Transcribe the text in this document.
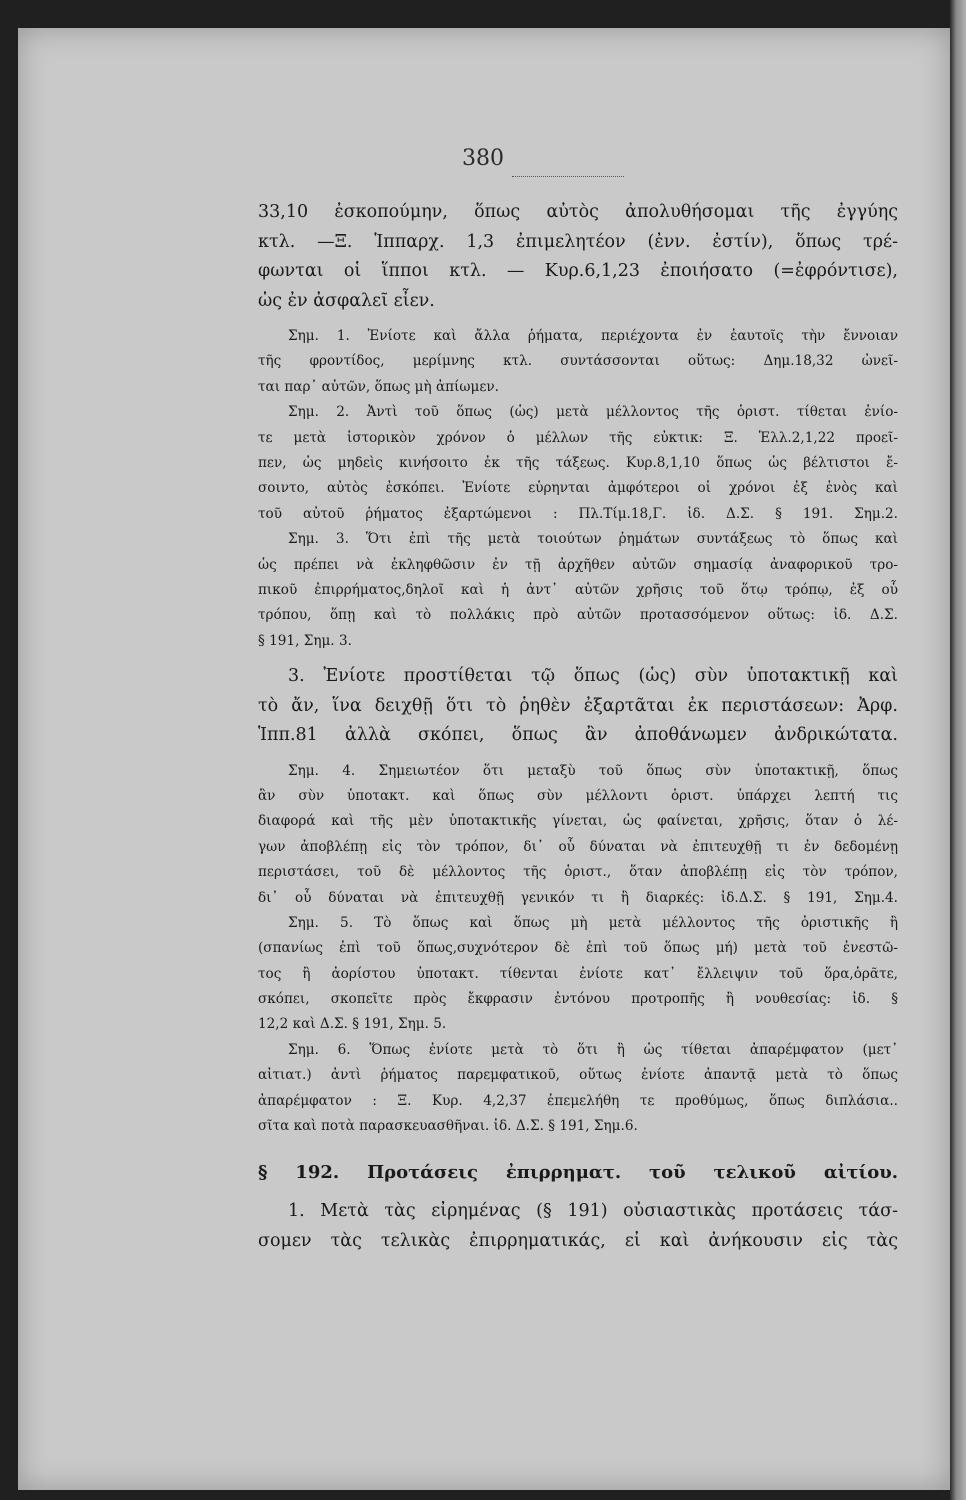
380
33,10 ἐσκοπούμην, ὅπως αὐτὸς ἀπολυθήσομαι τῆς ἐγγύης
κτλ. —Ξ. Ἱππαρχ. 1,3 ἐπιμελητέον (ἐνν. ἐστίν), ὅπως τρέ-
φωνται οἱ ἵπποι κτλ. — Κυρ.6,1,23 ἐποιήσατο (=ἐφρόντισε),
ὡς ἐν ἀσφαλεῖ εἶεν.
Σημ. 1. Ἐνίοτε καὶ ἄλλα ῥήματα, περιέχοντα ἐν ἑαυτοῖς τὴν ἔννοιαν
τῆς φροντίδος, μερίμνης κτλ. συντάσσονται οὕτως: Δημ.18,32 ὠνεῖ-
ται παρ᾽ αὐτῶν, ὅπως μὴ ἀπίωμεν.
Σημ. 2. Ἀντὶ τοῦ ὅπως (ὡς) μετὰ μέλλοντος τῆς ὁριστ. τίθεται ἐνίο-
τε μετὰ ἱστορικὸν χρόνον ὁ μέλλων τῆς εὐκτικ: Ξ. Ἑλλ.2,1,22 προεῖ-
πεν, ὡς μηδεὶς κινήσοιτο ἐκ τῆς τάξεως. Κυρ.8,1,10 ὅπως ὡς βέλτιστοι ἔ-
σοιντο, αὐτὸς ἐσκόπει. Ἐνίοτε εὑρηνται ἀμφότεροι οἱ χρόνοι ἐξ ἑνὸς καὶ
τοῦ αὐτοῦ ῥήματος ἐξαρτώμενοι : Πλ.Τίμ.18,Γ. ἰδ. Δ.Σ. § 191. Σημ.2.
Σημ. 3. Ὅτι ἐπὶ τῆς μετὰ τοιούτων ῥημάτων συντάξεως τὸ ὅπως καὶ
ὡς πρέπει νὰ ἐκληφθῶσιν ἐν τῇ ἀρχῆθεν αὐτῶν σημασίᾳ ἀναφορικοῦ τρο-
πικοῦ ἐπιρρήματος,δηλοῖ καὶ ἡ ἀντ᾽ αὐτῶν χρῆσις τοῦ ὅτῳ τρόπῳ, ἐξ οὗ
τρόπου, ὅπῃ καὶ τὸ πολλάκις πρὸ αὐτῶν προτασσόμενον οὕτως: ἰδ. Δ.Σ.
§ 191, Σημ. 3.
3. Ἐνίοτε προστίθεται τῷ ὅπως (ὡς) σὺν ὑποτακτικῇ καὶ
τὸ ἄν, ἵνα δειχθῇ ὅτι τὸ ῥηθὲν ἐξαρτᾶται ἐκ περιστάσεων: Ἀρφ.
Ἱππ.81 ἀλλὰ σκόπει, ὅπως ἂν ἀποθάνωμεν ἀνδρικώτατα.
Σημ. 4. Σημειωτέον ὅτι μεταξὺ τοῦ ὅπως σὺν ὑποτακτικῇ, ὅπως
ἂν σὺν ὑποτακτ. καὶ ὅπως σὺν μέλλοντι ὁριστ. ὑπάρχει λεπτή τις
διαφορά καὶ τῆς μὲν ὑποτακτικῆς γίνεται, ὡς φαίνεται, χρῆσις, ὅταν ὁ λέ-
γων ἀποβλέπῃ εἰς τὸν τρόπον, δι᾽ οὗ δύναται νὰ ἐπιτευχθῇ τι ἐν δεδομένῃ
περιστάσει, τοῦ δὲ μέλλοντος τῆς ὁριστ., ὅταν ἀποβλέπῃ εἰς τὸν τρόπον,
δι᾽ οὗ δύναται νὰ ἐπιτευχθῇ γενικόν τι ἢ διαρκές: ἰδ.Δ.Σ. § 191, Σημ.4.
Σημ. 5. Τὸ ὅπως καὶ ὅπως μὴ μετὰ μέλλοντος τῆς ὁριστικῆς ἢ
(σπανίως ἐπὶ τοῦ ὅπως,συχνότερον δὲ ἐπὶ τοῦ ὅπως μή) μετὰ τοῦ ἐνεστῶ-
τος ἢ ἀορίστου ὑποτακτ. τίθενται ἐνίοτε κατ᾽ ἔλλειψιν τοῦ ὅρα,ὁρᾶτε,
σκόπει, σκοπεῖτε πρὸς ἔκφρασιν ἐντόνου προτροπῆς ἢ νουθεσίας: ἰδ. §
12,2 καὶ Δ.Σ. § 191, Σημ. 5.
Σημ. 6. Ὅπως ἐνίοτε μετὰ τὸ ὅτι ἢ ὡς τίθεται ἀπαρέμφατον (μετ᾽
αἰτιατ.) ἀντὶ ῥήματος παρεμφατικοῦ, οὕτως ἐνίοτε ἀπαντᾷ μετὰ τὸ ὅπως
ἀπαρέμφατον : Ξ. Κυρ. 4,2,37 ἐπεμελήθη τε προθύμως, ὅπως διπλάσια..
σῖτα καὶ ποτὰ παρασκευασθῆναι. ἰδ. Δ.Σ. § 191, Σημ.6.
§ 192. Προτάσεις ἐπιρρηματ. τοῦ τελικοῦ αἰτίου.
1. Μετὰ τὰς εἰρημένας (§ 191) οὐσιαστικὰς προτάσεις τάσ-
σομεν τὰς τελικὰς ἐπιρρηματικάς, εἰ καὶ ἀνήκουσιν εἰς τὰς
